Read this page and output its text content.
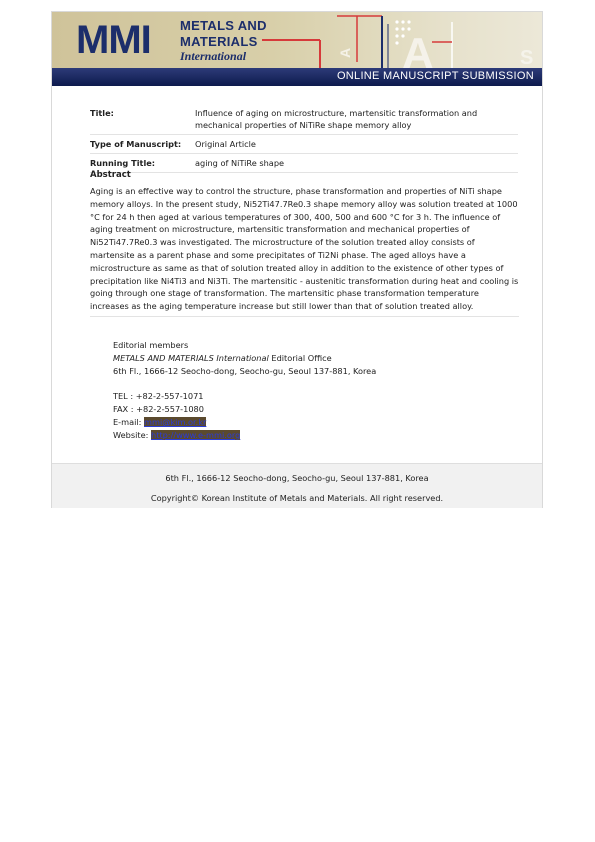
MMI METALS AND
MATERIALS
International	A A	S
ONLINE MANUSCRIPT SUBMISSION
Title:	Influence of aging on microstructure, martensitic transformation and mechanical properties of NiTiRe shape memory alloy
Type of Manuscript:	Original Article
Running Title:	aging of NiTiRe shape
Abstract
Aging is an effective way to control the structure, phase transformation and properties of NiTi shape memory alloys. In the present study, Ni52Ti47.7Re0.3 shape memory alloy was solution treated at 1000 °C for 24 h then aged at various temperatures of 300, 400, 500 and 600 °C for 3 h. The influence of aging treatment on microstructure, martensitic transformation and mechanical properties of Ni52Ti47.7Re0.3 was investigated. The microstructure of the solution treated alloy consists of martensite as a parent phase and some precipitates of Ti2Ni phase. The aged alloys have a microstructure as same as that of solution treated alloy in addition to the existence of other types of precipitation like Ni4Ti3 and Ni3Ti. The martensitic - austenitic transformation during heat and cooling is going through one stage of transformation. The martensitic phase transformation temperature increases as the aging temperature increase but still lower than that of solution treated alloy.
Editorial members
METALS AND MATERIALS International Editorial Office
6th Fl., 1666-12 Seocho-dong, Seocho-gu, Seoul 137-881, Korea
TEL : +82-2-557-1071
FAX : +82-2-557-1080
E-mail: mmi@kim.or.kr
Website: http://www.e-mmi.org
6th Fl., 1666-12 Seocho-dong, Seocho-gu, Seoul 137-881, Korea
Copyright© Korean Institute of Metals and Materials. All right reserved.
